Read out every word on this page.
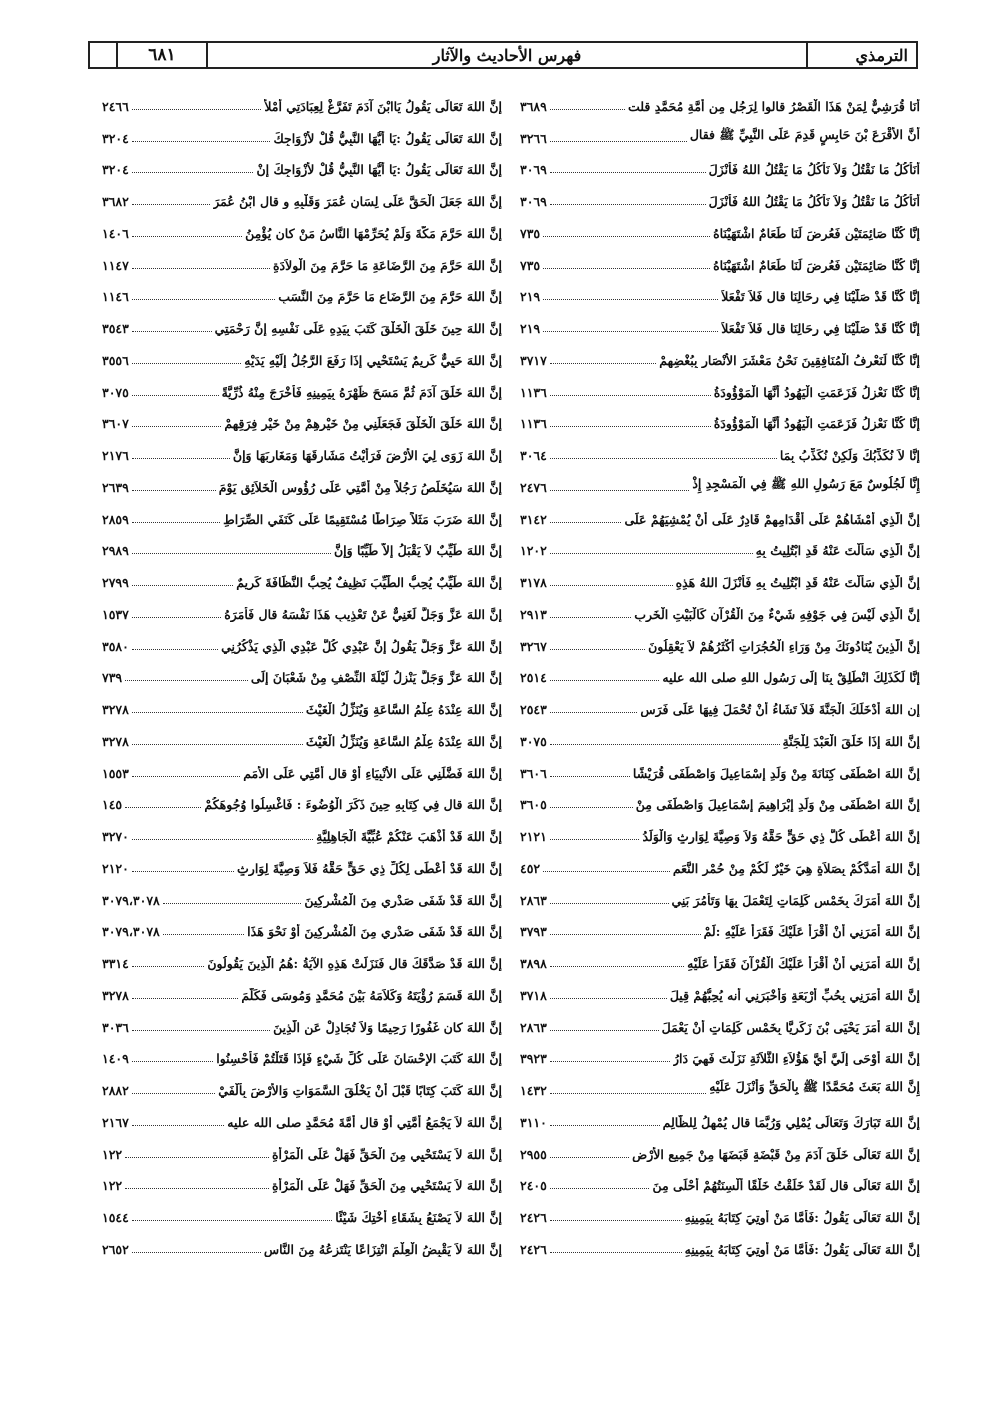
الترمذي
فهرس الأحاديث والآثار
٦٨١
أَنَا قُرَشِيٌّ لِمَنْ هَذَا الْقَصْرُ قالوا لِرَجُلٍ مِن أُمَّةِ مُحَمَّدٍ قلت
٣٦٨٩
أَنَّ الأَقْرَعَ بْنَ حَابِسٍ قَدِمَ عَلَى النَّبِيِّ ﷺ فقال
٣٢٦٦
أَنَأْكُلُ مَا نَقْتُلُ وَلاَ نَأْكُلُ مَا يَقْتُلُ اللهُ فَأَنْزَلَ
٣٠٦٩
أَنَأْكُلُ مَا نَقْتُلُ وَلاَ نَأْكُلُ مَا يَقْتُلُ اللهُ فَأَنْزَلَ
٣٠٦٩
إِنَّا كُنَّا صَائِمَتَيْنِ فَعُرِضَ لَنَا طَعَامٌ اشْتَهَيْنَاهُ
٧٣٥
إِنَّا كُنَّا صَائِمَتَيْنِ فَعُرِضَ لَنَا طَعَامٌ اشْتَهَيْنَاهُ
٧٣٥
إِنَّا كُنَّا قَدْ صَلَّيْنَا فِي رِحَالِنَا قال فَلاَ تَفْعَلاَ
٢١٩
إِنَّا كُنَّا قَدْ صَلَّيْنَا فِي رِحَالِنَا قال فَلاَ تَفْعَلاَ
٢١٩
إِنَّا كُنَّا لَنَعْرِفُ الْمُنَافِقِينَ نَحْنُ مَعْشَرَ الأَنْصَارِ بِبُغْضِهِمْ
٣٧١٧
إِنَّا كُنَّا نَعْزِلُ فَزَعَمَتِ الْيَهُودُ أَنَّهَا الْمَوْؤُودَةُ
١١٣٦
إِنَّا كُنَّا نَعْزِلُ فَزَعَمَتِ الْيَهُودُ أَنَّهَا الْمَوْؤُودَةُ
١١٣٦
إِنَّا لاَ نُكَذِّبُكَ وَلَكِنْ نُكَذِّبُ بِمَا
٣٠٦٤
إِنَّا لَجُلُوسٌ مَعَ رَسُولِ اللهِ ﷺ فِي الْمَسْجِدِ إِذْ
٢٤٧٦
إِنَّ الَّذِي أَمْشَاهُمْ عَلَى أَقْدَامِهِمْ قَادِرٌ عَلَى أَنْ يُمْشِيَهُمْ عَلَى
٣١٤٢
إِنَّ الَّذِي سَأَلْتَ عَنْهُ قَدِ ابْتُلِيتُ بِهِ
١٢٠٢
إِنَّ الَّذِي سَأَلْتَ عَنْهُ قَدِ ابْتُلِيتُ بِهِ فَأَنْزَلَ اللهُ هَذِهِ
٣١٧٨
إِنَّ الَّذِي لَيْسَ فِي جَوْفِهِ شَيْءٌ مِنَ الْقُرْآنِ كَالْبَيْتِ الْخَرِبِ
٢٩١٣
إِنَّ الَّذِينَ يُنَادُونَكَ مِنْ وَرَاءِ الْحُجُرَاتِ أَكْثَرُهُمْ لاَ يَعْقِلُونَ
٣٢٦٧
إِنَّا لَكَذَلِكَ انْطَلِقْ بِنَا إِلَى رَسُولِ اللهِ صلى الله عليه
٢٥١٤
إِن اللهَ أَدْخَلَكَ الْجَنَّةَ فَلاَ تَشَاءُ أَنْ تُحْمَلَ فِيهَا عَلَى فَرَسٍ
٢٥٤٣
إِنَّ اللهَ إِذَا خَلَقَ الْعَبْدَ لِلْجَنَّةِ
٣٠٧٥
إِنَّ اللهَ اصْطَفَى كِنَانَةَ مِنْ وَلَدِ إِسْمَاعِيلَ وَاصْطَفَى قُرَيْشًا
٣٦٠٦
إِنَّ اللهَ اصْطَفَى مِنْ وَلَدِ إِبْرَاهِيمَ إِسْمَاعِيلَ وَاصْطَفَى مِنْ
٣٦٠٥
إِنَّ اللهَ أَعْطَى كُلَّ ذِي حَقٍّ حَقَّهُ وَلاَ وَصِيَّةَ لِوَارِثٍ وَالْوَلَدُ
٢١٢١
إِنَّ اللهَ أَمَدَّكُمْ بِصَلاَةٍ هِيَ خَيْرٌ لَكُمْ مِنْ حُمْرِ النَّعَمِ
٤٥٢
إِنَّ اللهَ أَمَرَكَ بِخَمْسِ كَلِمَاتٍ لِتَعْمَلَ بِهَا وَتَأْمُرَ بَنِي
٢٨٦٣
إِنَّ اللهَ أَمَرَنِي أَنْ أَقْرَأَ عَلَيْكَ فَقَرَأَ عَلَيْهِ :لَمْ
٣٧٩٣
إِنَّ اللهَ أَمَرَنِي أَنْ أَقْرَأَ عَلَيْكَ الْقُرْآنَ فَقَرَأَ عَلَيْهِ
٣٨٩٨
إِنَّ اللهَ أَمَرَنِي بِحُبِّ أَرْبَعَةٍ وَأَخْبَرَنِي أَنه يُحِبُّهُمْ قِيلَ
٣٧١٨
إِنَّ اللهَ أَمَرَ يَحْيَى بْنَ زَكَرِيَّا بِخَمْسِ كَلِمَاتٍ أَنْ يَعْمَلَ
٢٨٦٣
إِنَّ اللهَ أَوْحَى إِلَيَّ أَيَّ هَؤُلاَءِ الثَّلاَثَةِ نَزَلْتَ فَهِيَ دَارُ
٣٩٢٣
إِنَّ اللهَ بَعَثَ مُحَمَّدًا ﷺ بِالْحَقِّ وَأَنْزَلَ عَلَيْهِ
١٤٣٢
إِنَّ اللهَ تَبَارَكَ وَتَعَالَى يُمْلِي وَرُبَّمَا قال يُمْهِلُ لِلظَّالِمِ
٣١١٠
إِنَّ اللهَ تَعَالَى خَلَقَ آدَمَ مِنْ قَبْضَةٍ قَبَضَهَا مِنْ جَمِيعِ الأَرْضِ
٢٩٥٥
إِنَّ اللهَ تَعَالَى قال لَقَدْ خَلَقْتُ خَلْقًا أَلْسِنَتُهُمْ أَحْلَى مِنَ
٢٤٠٥
إِنَّ اللهَ تَعَالَى يَقُولُ :فَأَمَّا مَنْ أُوتِيَ كِتَابَهُ بِيَمِينِهِ
٢٤٢٦
إِنَّ اللهَ تَعَالَى يَقُولُ :فَأَمَّا مَنْ أُوتِيَ كِتَابَهُ بِيَمِينِهِ
٢٤٢٦
إِنَّ اللهَ تَعَالَى يَقُولُ يَاابْنَ آدَمَ تَفَرَّغْ لِعِبَادَتِي أَمْلأْ
٢٤٦٦
إِنَّ اللهَ تَعَالَى يَقُولُ :يَا أَيُّهَا النَّبِيُّ قُلْ لأَزْوَاجِكَ
٣٢٠٤
إِنَّ اللهَ تَعَالَى يَقُولُ :يَا أَيُّهَا النَّبِيُّ قُلْ لأَزْوَاجِكَ إِنْ
٣٢٠٤
إِنَّ اللهَ جَعَلَ الْحَقَّ عَلَى لِسَانِ عُمَرَ وَقَلْبِهِ و قال ابْنُ عُمَرَ
٣٦٨٢
إِنَّ اللهَ حَرَّمَ مَكَّةَ وَلَمْ يُحَرِّمْهَا النَّاسُ مَنْ كان يُؤْمِنُ
١٤٠٦
إِنَّ اللهَ حَرَّمَ مِنَ الرَّضَاعَةِ مَا حَرَّمَ مِنَ الْوِلاَدَةِ
١١٤٧
إِنَّ اللهَ حَرَّمَ مِنَ الرَّضَاعِ مَا حَرَّمَ مِنَ النَّسَبِ
١١٤٦
إِنَّ اللهَ حِينَ خَلَقَ الْخَلْقَ كَتَبَ بِيَدِهِ عَلَى نَفْسِهِ إِنَّ رَحْمَتِي
٣٥٤٣
إِنَّ اللهَ حَيِيٌّ كَرِيمٌ يَسْتَحْيِي إِذَا رَفَعَ الرَّجُلُ إِلَيْهِ يَدَيْهِ
٣٥٥٦
إِنَّ اللهَ خَلَقَ آدَمَ ثُمَّ مَسَحَ ظَهْرَهُ بِيَمِينِهِ فَأَخْرَجَ مِنْهُ ذُرِّيَّةً
٣٠٧٥
إِنَّ اللهَ خَلَقَ الْخَلْقَ فَجَعَلَنِي مِنْ خَيْرِهِمْ مِنْ خَيْرِ فِرَقِهِمْ
٣٦٠٧
إِنَّ اللهَ زَوَى لِيَ الأَرْضَ فَرَأَيْتُ مَشَارِقَهَا وَمَغَارِبَهَا وَإِنَّ
٢١٧٦
إِنَّ اللهَ سَيُخَلِّصُ رَجُلاً مِنْ أُمَّتِي عَلَى رُؤُوسِ الْخَلاَئِقِ يَوْمَ
٢٦٣٩
إِنَّ اللهَ ضَرَبَ مَثَلاً صِرَاطًا مُسْتَقِيمًا عَلَى كَنَفَيِ الصِّرَاطِ
٢٨٥٩
إِنَّ اللهَ طَيِّبٌ لاَ يَقْبَلُ إِلاَّ طَيِّبًا وَإِنَّ
٢٩٨٩
إِنَّ اللهَ طَيِّبٌ يُحِبُّ الطَّيِّبَ نَظِيفٌ يُحِبُّ النَّظَافَةَ كَرِيمٌ
٢٧٩٩
إِنَّ اللهَ عَزَّ وَجَلَّ لَغَنِيٌّ عَنْ تَعْذِيبِ هَذَا نَفْسَهُ قال فَأَمَرَهُ
١٥٣٧
إِنَّ اللهَ عَزَّ وَجَلَّ يَقُولُ إِنَّ عَبْدِي كُلَّ عَبْدِي الَّذِي يَذْكُرُنِي
٣٥٨٠
إِنَّ اللهَ عَزَّ وَجَلَّ يَنْزِلُ لَيْلَةَ النِّصْفِ مِنْ شَعْبَانَ إِلَى
٧٣٩
إِنَّ اللهَ عِنْدَهُ عِلْمُ السَّاعَةِ وَيُنَزِّلُ الْغَيْثَ
٣٢٧٨
إِنَّ اللهَ عِنْدَهُ عِلْمُ السَّاعَةِ وَيُنَزِّلُ الْغَيْثَ
٣٢٧٨
إِنَّ اللهَ فَضَّلَنِي عَلَى الأَنْبِيَاءِ أَوْ قال أُمَّتِي عَلَى الأُمَمِ
١٥٥٣
إِنَّ اللهَ قال فِي كِتَابِهِ حِينَ ذَكَرَ الْوُضُوءَ : فَاغْسِلُوا وُجُوهَكُمْ
١٤٥
إِنَّ اللهَ قَدْ أَذْهَبَ عَنْكُمْ عُبِّيَّةَ الْجَاهِلِيَّةِ
٣٢٧٠
إِنَّ اللهَ قَدْ أَعْطَى لِكُلِّ ذِي حَقٍّ حَقَّهُ فَلاَ وَصِيَّةَ لِوَارِثٍ
٢١٢٠
إِنَّ اللهَ قَدْ شَفَى صَدْرِي مِنَ الْمُشْرِكِينَ
٣٠٧٩،٣٠٧٨
إِنَّ اللهَ قَدْ شَفَى صَدْرِي مِنَ الْمُشْرِكِينَ أَوْ نَحْوَ هَذَا
٣٠٧٩،٣٠٧٨
إِنَّ اللهَ قَدْ صَدَّقَكَ قال فَنَزَلَتْ هَذِهِ الآيَةُ :هُمُ الَّذِينَ يَقُولُونَ
٣٣١٤
إِنَّ اللهَ قَسَمَ رُؤْيَتَهُ وَكَلاَمَهُ بَيْنَ مُحَمَّدٍ وَمُوسَى فَكَلَّمَ
٣٢٧٨
إِنَّ اللهَ كان غَفُورًا رَحِيمًا وَلاَ تُجَادِلْ عَنِ الَّذِينَ
٣٠٣٦
إِنَّ اللهَ كَتَبَ الإِحْسَانَ عَلَى كُلِّ شَيْءٍ فَإِذَا قَتَلْتُمْ فَأَحْسِنُوا
١٤٠٩
إِنَّ اللهَ كَتَبَ كِتَابًا قَبْلَ أَنْ يَخْلُقَ السَّمَوَاتِ وَالأَرْضَ بِأَلْفَيْ
٢٨٨٢
إِنَّ اللهَ لاَ يَجْمَعُ أُمَّتِي أَوْ قال أُمَّةَ مُحَمَّدٍ صلى الله عليه
٢١٦٧
إِنَّ اللهَ لاَ يَسْتَحْيِي مِنَ الْحَقِّ فَهَلْ عَلَى الْمَرْأَةِ
١٢٢
إِنَّ اللهَ لاَ يَسْتَحْيِي مِنَ الْحَقِّ فَهَلْ عَلَى الْمَرْأَةِ
١٢٢
إِنَّ اللهَ لاَ يَصْنَعُ بِشَقَاءِ أُخْتِكَ شَيْئًا
١٥٤٤
إِنَّ اللهَ لاَ يَقْبِضُ الْعِلْمَ انْتِزَاعًا يَنْتَزِعُهُ مِنَ النَّاسِ
٢٦٥٢
